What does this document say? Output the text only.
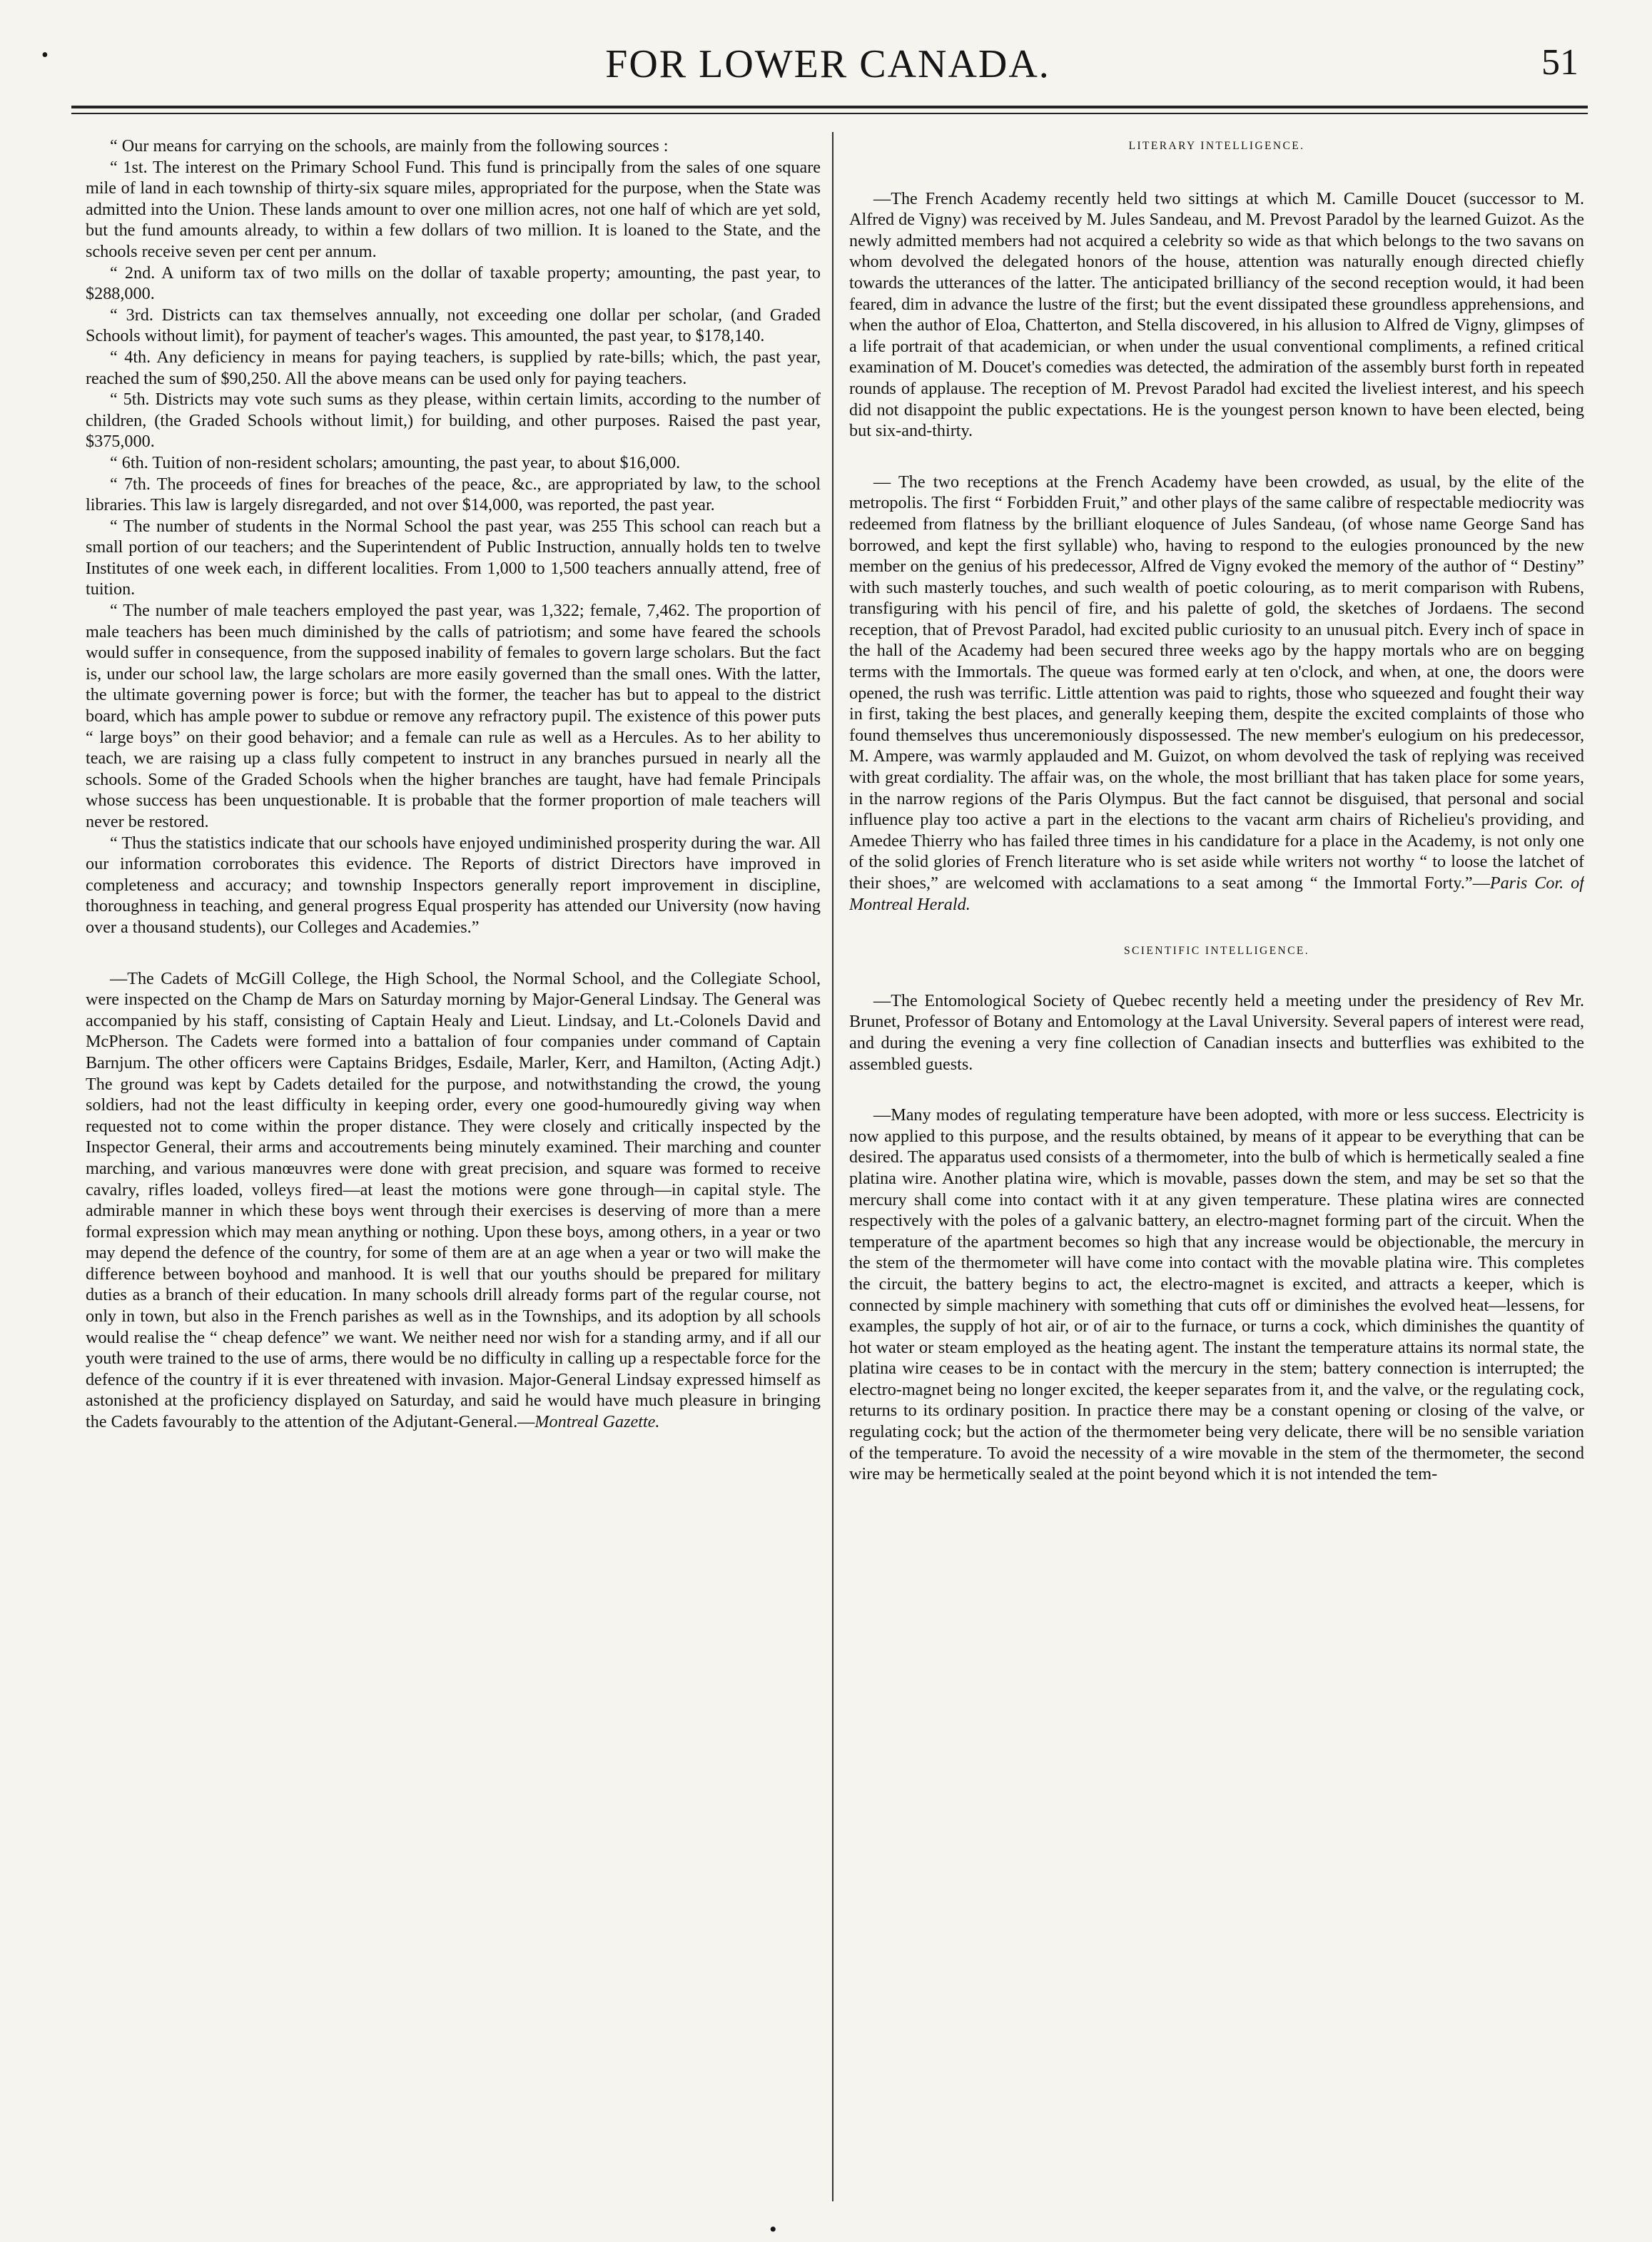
•	FOR LOWER CANADA.	51

“ Our means for carrying on the schools, are mainly from the following sources :

“ 1st. The interest on the Primary School Fund. This fund is principally from the sales of one square mile of land in each township of thirty-six square miles, appropriated for the purpose, when the State was admitted into the Union. These lands amount to over one million acres, not one half of which are yet sold, but the fund amounts already, to within a few dollars of two million. It is loaned to the State, and the schools receive seven per cent per annum.

“ 2nd. A uniform tax of two mills on the dollar of taxable property; amounting, the past year, to $288,000.

“ 3rd. Districts can tax themselves annually, not exceeding one dollar per scholar, (and Graded Schools without limit), for payment of teacher's wages. This amounted, the past year, to $178,140.

“ 4th. Any deficiency in means for paying teachers, is supplied by rate-bills; which, the past year, reached the sum of $90,250. All the above means can be used only for paying teachers.

“ 5th. Districts may vote such sums as they please, within certain limits, according to the number of children, (the Graded Schools without limit,) for building, and other purposes. Raised the past year, $375,000.

“ 6th. Tuition of non-resident scholars; amounting, the past year, to about $16,000.

“ 7th. The proceeds of fines for breaches of the peace, &c., are appropriated by law, to the school libraries. This law is largely disregarded, and not over $14,000, was reported, the past year.

“ The number of students in the Normal School the past year, was 255 This school can reach but a small portion of our teachers; and the Superintendent of Public Instruction, annually holds ten to twelve Institutes of one week each, in different localities. From 1,000 to 1,500 teachers annually attend, free of tuition.

“ The number of male teachers employed the past year, was 1,322; female, 7,462. The proportion of male teachers has been much diminished by the calls of patriotism; and some have feared the schools would suffer in consequence, from the supposed inability of females to govern large scholars. But the fact is, under our school law, the large scholars are more easily governed than the small ones. With the latter, the ultimate governing power is force; but with the former, the teacher has but to appeal to the district board, which has ample power to subdue or remove any refractory pupil. The existence of this power puts “ large boys” on their good behavior; and a female can rule as well as a Hercules. As to her ability to teach, we are raising up a class fully competent to instruct in any branches pursued in nearly all the schools. Some of the Graded Schools when the higher branches are taught, have had female Principals whose success has been unquestionable. It is probable that the former proportion of male teachers will never be restored.

“ Thus the statistics indicate that our schools have enjoyed undiminished prosperity during the war. All our information corroborates this evidence. The Reports of district Directors have improved in completeness and accuracy; and township Inspectors generally report improvement in discipline, thoroughness in teaching, and general progress Equal prosperity has attended our University (now having over a thousand students), our Colleges and Academies.”

—The Cadets of McGill College, the High School, the Normal School, and the Collegiate School, were inspected on the Champ de Mars on Saturday morning by Major-General Lindsay. The General was accompanied by his staff, consisting of Captain Healy and Lieut. Lindsay, and Lt.-Colonels David and McPherson. The Cadets were formed into a battalion of four companies under command of Captain Barnjum. The other officers were Captains Bridges, Esdaile, Marler, Kerr, and Hamilton, (Acting Adjt.) The ground was kept by Cadets detailed for the purpose, and notwithstanding the crowd, the young soldiers, had not the least difficulty in keeping order, every one good-humouredly giving way when requested not to come within the proper distance. They were closely and critically inspected by the Inspector General, their arms and accoutrements being minutely examined. Their marching and counter marching, and various manœuvres were done with great precision, and square was formed to receive cavalry, rifles loaded, volleys fired—at least the motions were gone through—in capital style. The admirable manner in which these boys went through their exercises is deserving of more than a mere formal expression which may mean anything or nothing. Upon these boys, among others, in a year or two may depend the defence of the country, for some of them are at an age when a year or two will make the difference between boyhood and manhood. It is well that our youths should be prepared for military duties as a branch of their education. In many schools drill already forms part of the regular course, not only in town, but also in the French parishes as well as in the Townships, and its adoption by all schools would realise the “ cheap defence” we want. We neither need nor wish for a standing army, and if all our youth were trained to the use of arms, there would be no difficulty in calling up a respectable force for the defence of the country if it is ever threatened with invasion. Major-General Lindsay expressed himself as astonished at the proficiency displayed on Saturday, and said he would have much pleasure in bringing the Cadets favourably to the attention of the Adjutant-General.—Montreal Gazette.

LITERARY INTELLIGENCE.

—The French Academy recently held two sittings at which M. Camille Doucet (successor to M. Alfred de Vigny) was received by M. Jules Sandeau, and M. Prevost Paradol by the learned Guizot. As the newly admitted members had not acquired a celebrity so wide as that which belongs to the two savans on whom devolved the delegated honors of the house, attention was naturally enough directed chiefly towards the utterances of the latter. The anticipated brilliancy of the second reception would, it had been feared, dim in advance the lustre of the first; but the event dissipated these groundless apprehensions, and when the author of Eloa, Chatterton, and Stella discovered, in his allusion to Alfred de Vigny, glimpses of a life portrait of that academician, or when under the usual conventional compliments, a refined critical examination of M. Doucet's comedies was detected, the admiration of the assembly burst forth in repeated rounds of applause. The reception of M. Prevost Paradol had excited the liveliest interest, and his speech did not disappoint the public expectations. He is the youngest person known to have been elected, being but six-and-thirty.

— The two receptions at the French Academy have been crowded, as usual, by the elite of the metropolis. The first “ Forbidden Fruit,” and other plays of the same calibre of respectable mediocrity was redeemed from flatness by the brilliant eloquence of Jules Sandeau, (of whose name George Sand has borrowed, and kept the first syllable) who, having to respond to the eulogies pronounced by the new member on the genius of his predecessor, Alfred de Vigny evoked the memory of the author of “ Destiny” with such masterly touches, and such wealth of poetic colouring, as to merit comparison with Rubens, transfiguring with his pencil of fire, and his palette of gold, the sketches of Jordaens. The second reception, that of Prevost Paradol, had excited public curiosity to an unusual pitch. Every inch of space in the hall of the Academy had been secured three weeks ago by the happy mortals who are on begging terms with the Immortals. The queue was formed early at ten o'clock, and when, at one, the doors were opened, the rush was terrific. Little attention was paid to rights, those who squeezed and fought their way in first, taking the best places, and generally keeping them, despite the excited complaints of those who found themselves thus unceremoniously dispossessed. The new member's eulogium on his predecessor, M. Ampere, was warmly applauded and M. Guizot, on whom devolved the task of replying was received with great cordiality. The affair was, on the whole, the most brilliant that has taken place for some years, in the narrow regions of the Paris Olympus. But the fact cannot be disguised, that personal and social influence play too active a part in the elections to the vacant arm chairs of Richelieu's providing, and Amedee Thierry who has failed three times in his candidature for a place in the Academy, is not only one of the solid glories of French literature who is set aside while writers not worthy “ to loose the latchet of their shoes,” are welcomed with acclamations to a seat among “ the Immortal Forty.”—Paris Cor. of Montreal Herald.

SCIENTIFIC INTELLIGENCE.

—The Entomological Society of Quebec recently held a meeting under the presidency of Rev Mr. Brunet, Professor of Botany and Entomology at the Laval University. Several papers of interest were read, and during the evening a very fine collection of Canadian insects and butterflies was exhibited to the assembled guests.

—Many modes of regulating temperature have been adopted, with more or less success. Electricity is now applied to this purpose, and the results obtained, by means of it appear to be everything that can be desired. The apparatus used consists of a thermometer, into the bulb of which is hermetically sealed a fine platina wire. Another platina wire, which is movable, passes down the stem, and may be set so that the mercury shall come into contact with it at any given temperature. These platina wires are connected respectively with the poles of a galvanic battery, an electro-magnet forming part of the circuit. When the temperature of the apartment becomes so high that any increase would be objectionable, the mercury in the stem of the thermometer will have come into contact with the movable platina wire. This completes the circuit, the battery begins to act, the electro-magnet is excited, and attracts a keeper, which is connected by simple machinery with something that cuts off or diminishes the evolved heat—lessens, for examples, the supply of hot air, or of air to the furnace, or turns a cock, which diminishes the quantity of hot water or steam employed as the heating agent. The instant the temperature attains its normal state, the platina wire ceases to be in contact with the mercury in the stem; battery connection is interrupted; the electro-magnet being no longer excited, the keeper separates from it, and the valve, or the regulating cock, returns to its ordinary position. In practice there may be a constant opening or closing of the valve, or regulating cock; but the action of the thermometer being very delicate, there will be no sensible variation of the temperature. To avoid the necessity of a wire movable in the stem of the thermometer, the second wire may be hermetically sealed at the point beyond which it is not intended the tem-

•
